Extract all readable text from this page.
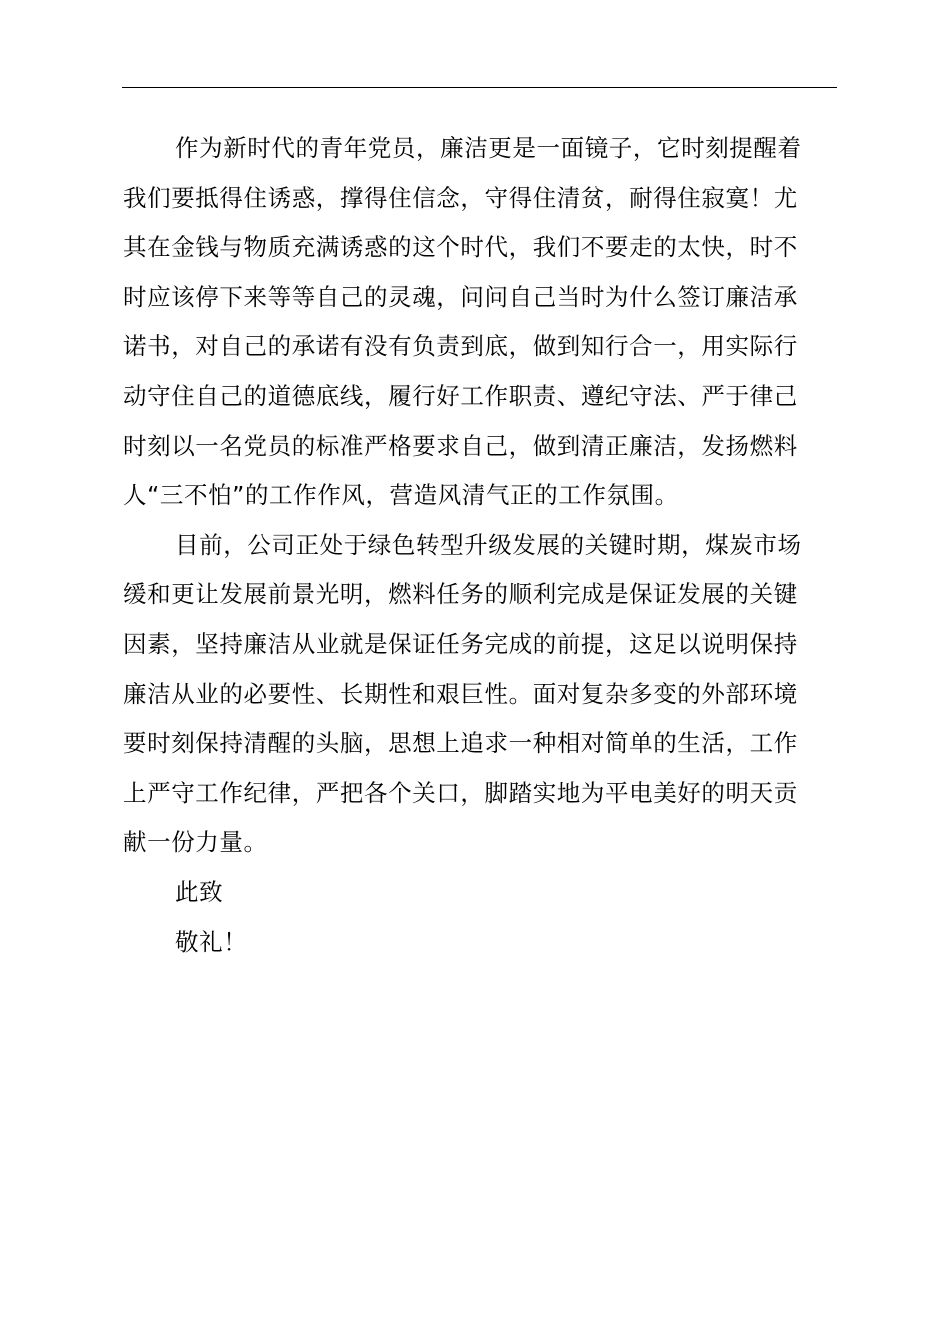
作为新时代的青年党员，廉洁更是一面镜子，它时刻提醒着
我们要抵得住诱惑，撑得住信念，守得住清贫，耐得住寂寞！尤
其在金钱与物质充满诱惑的这个时代，我们不要走的太快，时不
时应该停下来等等自己的灵魂，问问自己当时为什么签订廉洁承
诺书，对自己的承诺有没有负责到底，做到知行合一，用实际行
动守住自己的道德底线，履行好工作职责、遵纪守法、严于律己
时刻以一名党员的标准严格要求自己，做到清正廉洁，发扬燃料
人“三不怕”的工作作风，营造风清气正的工作氛围。
目前，公司正处于绿色转型升级发展的关键时期，煤炭市场
缓和更让发展前景光明，燃料任务的顺利完成是保证发展的关键
因素，坚持廉洁从业就是保证任务完成的前提，这足以说明保持
廉洁从业的必要性、长期性和艰巨性。面对复杂多变的外部环境
要时刻保持清醒的头脑，思想上追求一种相对简单的生活，工作
上严守工作纪律，严把各个关口，脚踏实地为平电美好的明天贡
献一份力量。
此致
敬礼！
